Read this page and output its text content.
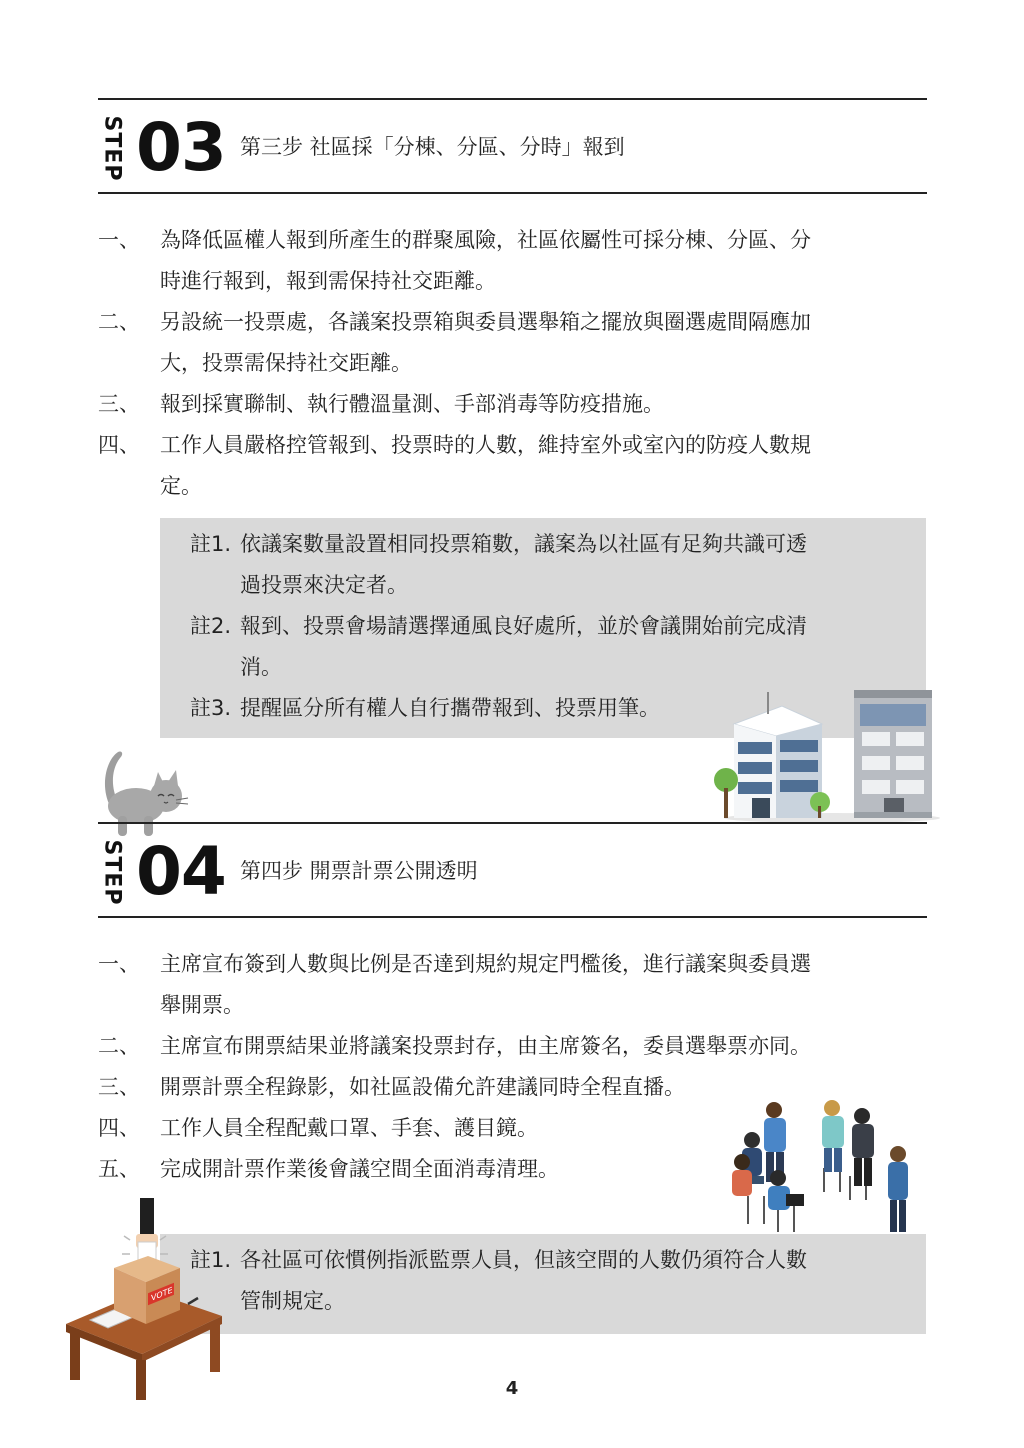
STEP 03 第三步 社區採「分棟、分區、分時」報到
一、 為降低區權人報到所產生的群聚風險，社區依屬性可採分棟、分區、分
時進行報到，報到需保持社交距離。
二、 另設統一投票處，各議案投票箱與委員選舉箱之擺放與圈選處間隔應加
大，投票需保持社交距離。
三、 報到採實聯制、執行體溫量測、手部消毒等防疫措施。
四、 工作人員嚴格控管報到、投票時的人數，維持室外或室內的防疫人數規
定。
註1. 依議案數量設置相同投票箱數，議案為以社區有足夠共識可透
過投票來決定者。
註2. 報到、投票會場請選擇通風良好處所，並於會議開始前完成清
消。
註3. 提醒區分所有權人自行攜帶報到、投票用筆。
STEP 04 第四步 開票計票公開透明
一、 主席宣布簽到人數與比例是否達到規約規定門檻後，進行議案與委員選
舉開票。
二、 主席宣布開票結果並將議案投票封存，由主席簽名，委員選舉票亦同。
三、 開票計票全程錄影，如社區設備允許建議同時全程直播。
四、 工作人員全程配戴口罩、手套、護目鏡。
五、 完成開計票作業後會議空間全面消毒清理。
註1. 各社區可依慣例指派監票人員，但該空間的人數仍須符合人數
管制規定。
VOTE
4
